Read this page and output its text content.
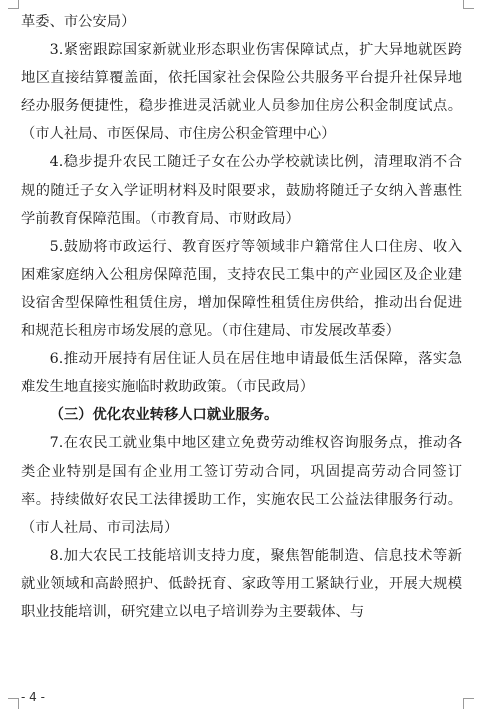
革委、市公安局）

3.紧密跟踪国家新就业形态职业伤害保障试点，扩大异地就医跨地区直接结算覆盖面，依托国家社会保险公共服务平台提升社保异地经办服务便捷性，稳步推进灵活就业人员参加住房公积金制度试点。（市人社局、市医保局、市住房公积金管理中心）

4.稳步提升农民工随迁子女在公办学校就读比例，清理取消不合规的随迁子女入学证明材料及时限要求，鼓励将随迁子女纳入普惠性学前教育保障范围。（市教育局、市财政局）

5.鼓励将市政运行、教育医疗等领域非户籍常住人口住房、收入困难家庭纳入公租房保障范围，支持农民工集中的产业园区及企业建设宿舍型保障性租赁住房，增加保障性租赁住房供给，推动出台促进和规范长租房市场发展的意见。（市住建局、市发展改革委）

6.推动开展持有居住证人员在居住地申请最低生活保障，落实急难发生地直接实施临时救助政策。（市民政局）

（三）优化农业转移人口就业服务。

7.在农民工就业集中地区建立免费劳动维权咨询服务点，推动各类企业特别是国有企业用工签订劳动合同，巩固提高劳动合同签订率。持续做好农民工法律援助工作，实施农民工公益法律服务行动。（市人社局、市司法局）

8.加大农民工技能培训支持力度，聚焦智能制造、信息技术等新就业领域和高龄照护、低龄抚育、家政等用工紧缺行业，开展大规模职业技能培训，研究建立以电子培训券为主要载体、与

- 4 -
